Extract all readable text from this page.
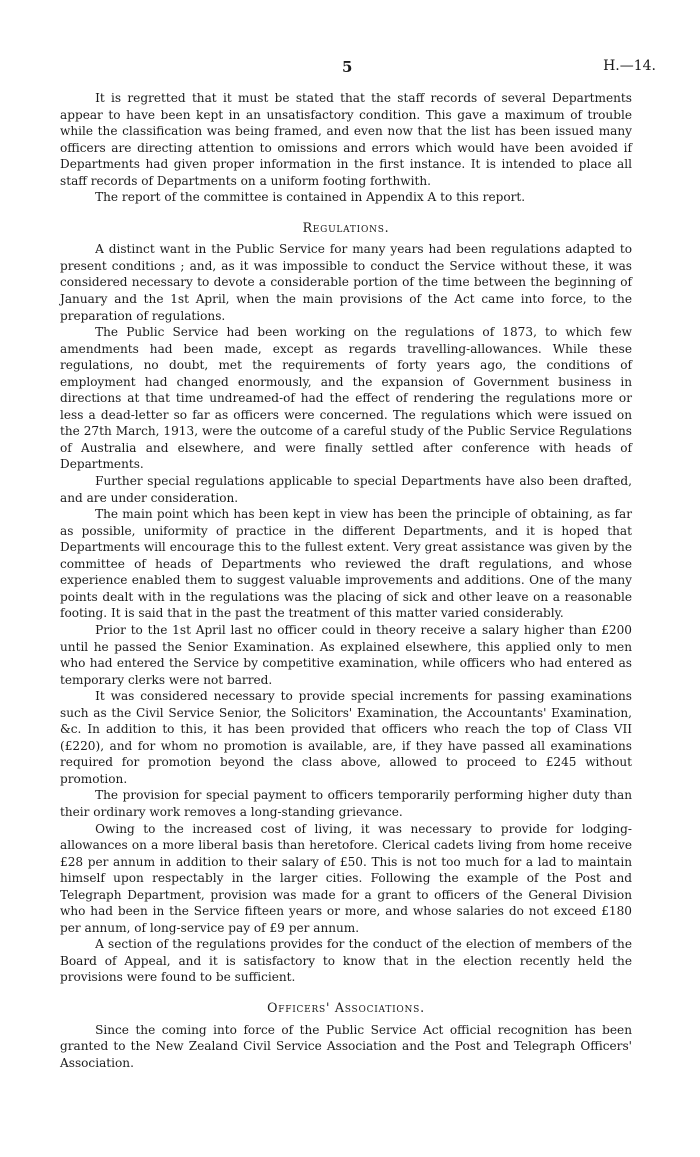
5	H.—14.

It is regretted that it must be stated that the staff records of several Departments appear to have been kept in an unsatisfactory condition. This gave a maximum of trouble while the classification was being framed, and even now that the list has been issued many officers are directing attention to omissions and errors which would have been avoided if Departments had given proper information in the first instance. It is intended to place all staff records of Departments on a uniform footing forthwith.

The report of the committee is contained in Appendix A to this report.

Regulations.

A distinct want in the Public Service for many years had been regulations adapted to present conditions ; and, as it was impossible to conduct the Service without these, it was considered necessary to devote a considerable portion of the time between the beginning of January and the 1st April, when the main provisions of the Act came into force, to the preparation of regulations.

The Public Service had been working on the regulations of 1873, to which few amendments had been made, except as regards travelling-allowances. While these regulations, no doubt, met the requirements of forty years ago, the conditions of employment had changed enormously, and the expansion of Government business in directions at that time undreamed-of had the effect of rendering the regulations more or less a dead-letter so far as officers were concerned. The regulations which were issued on the 27th March, 1913, were the outcome of a careful study of the Public Service Regulations of Australia and elsewhere, and were finally settled after conference with heads of Departments.

Further special regulations applicable to special Departments have also been drafted, and are under consideration.

The main point which has been kept in view has been the principle of obtaining, as far as possible, uniformity of practice in the different Departments, and it is hoped that Departments will encourage this to the fullest extent. Very great assistance was given by the committee of heads of Departments who reviewed the draft regulations, and whose experience enabled them to suggest valuable improvements and additions. One of the many points dealt with in the regulations was the placing of sick and other leave on a reasonable footing. It is said that in the past the treatment of this matter varied considerably.

Prior to the 1st April last no officer could in theory receive a salary higher than £200 until he passed the Senior Examination. As explained elsewhere, this applied only to men who had entered the Service by competitive examination, while officers who had entered as temporary clerks were not barred.

It was considered necessary to provide special increments for passing examinations such as the Civil Service Senior, the Solicitors' Examination, the Accountants' Examination, &c. In addition to this, it has been provided that officers who reach the top of Class VII (£220), and for whom no promotion is available, are, if they have passed all examinations required for promotion beyond the class above, allowed to proceed to £245 without promotion.

The provision for special payment to officers temporarily performing higher duty than their ordinary work removes a long-standing grievance.

Owing to the increased cost of living, it was necessary to provide for lodging-allowances on a more liberal basis than heretofore. Clerical cadets living from home receive £28 per annum in addition to their salary of £50. This is not too much for a lad to maintain himself upon respectably in the larger cities. Following the example of the Post and Telegraph Department, provision was made for a grant to officers of the General Division who had been in the Service fifteen years or more, and whose salaries do not exceed £180 per annum, of long-service pay of £9 per annum.

A section of the regulations provides for the conduct of the election of members of the Board of Appeal, and it is satisfactory to know that in the election recently held the provisions were found to be sufficient.

Officers' Associations.

Since the coming into force of the Public Service Act official recognition has been granted to the New Zealand Civil Service Association and the Post and Telegraph Officers' Association.
